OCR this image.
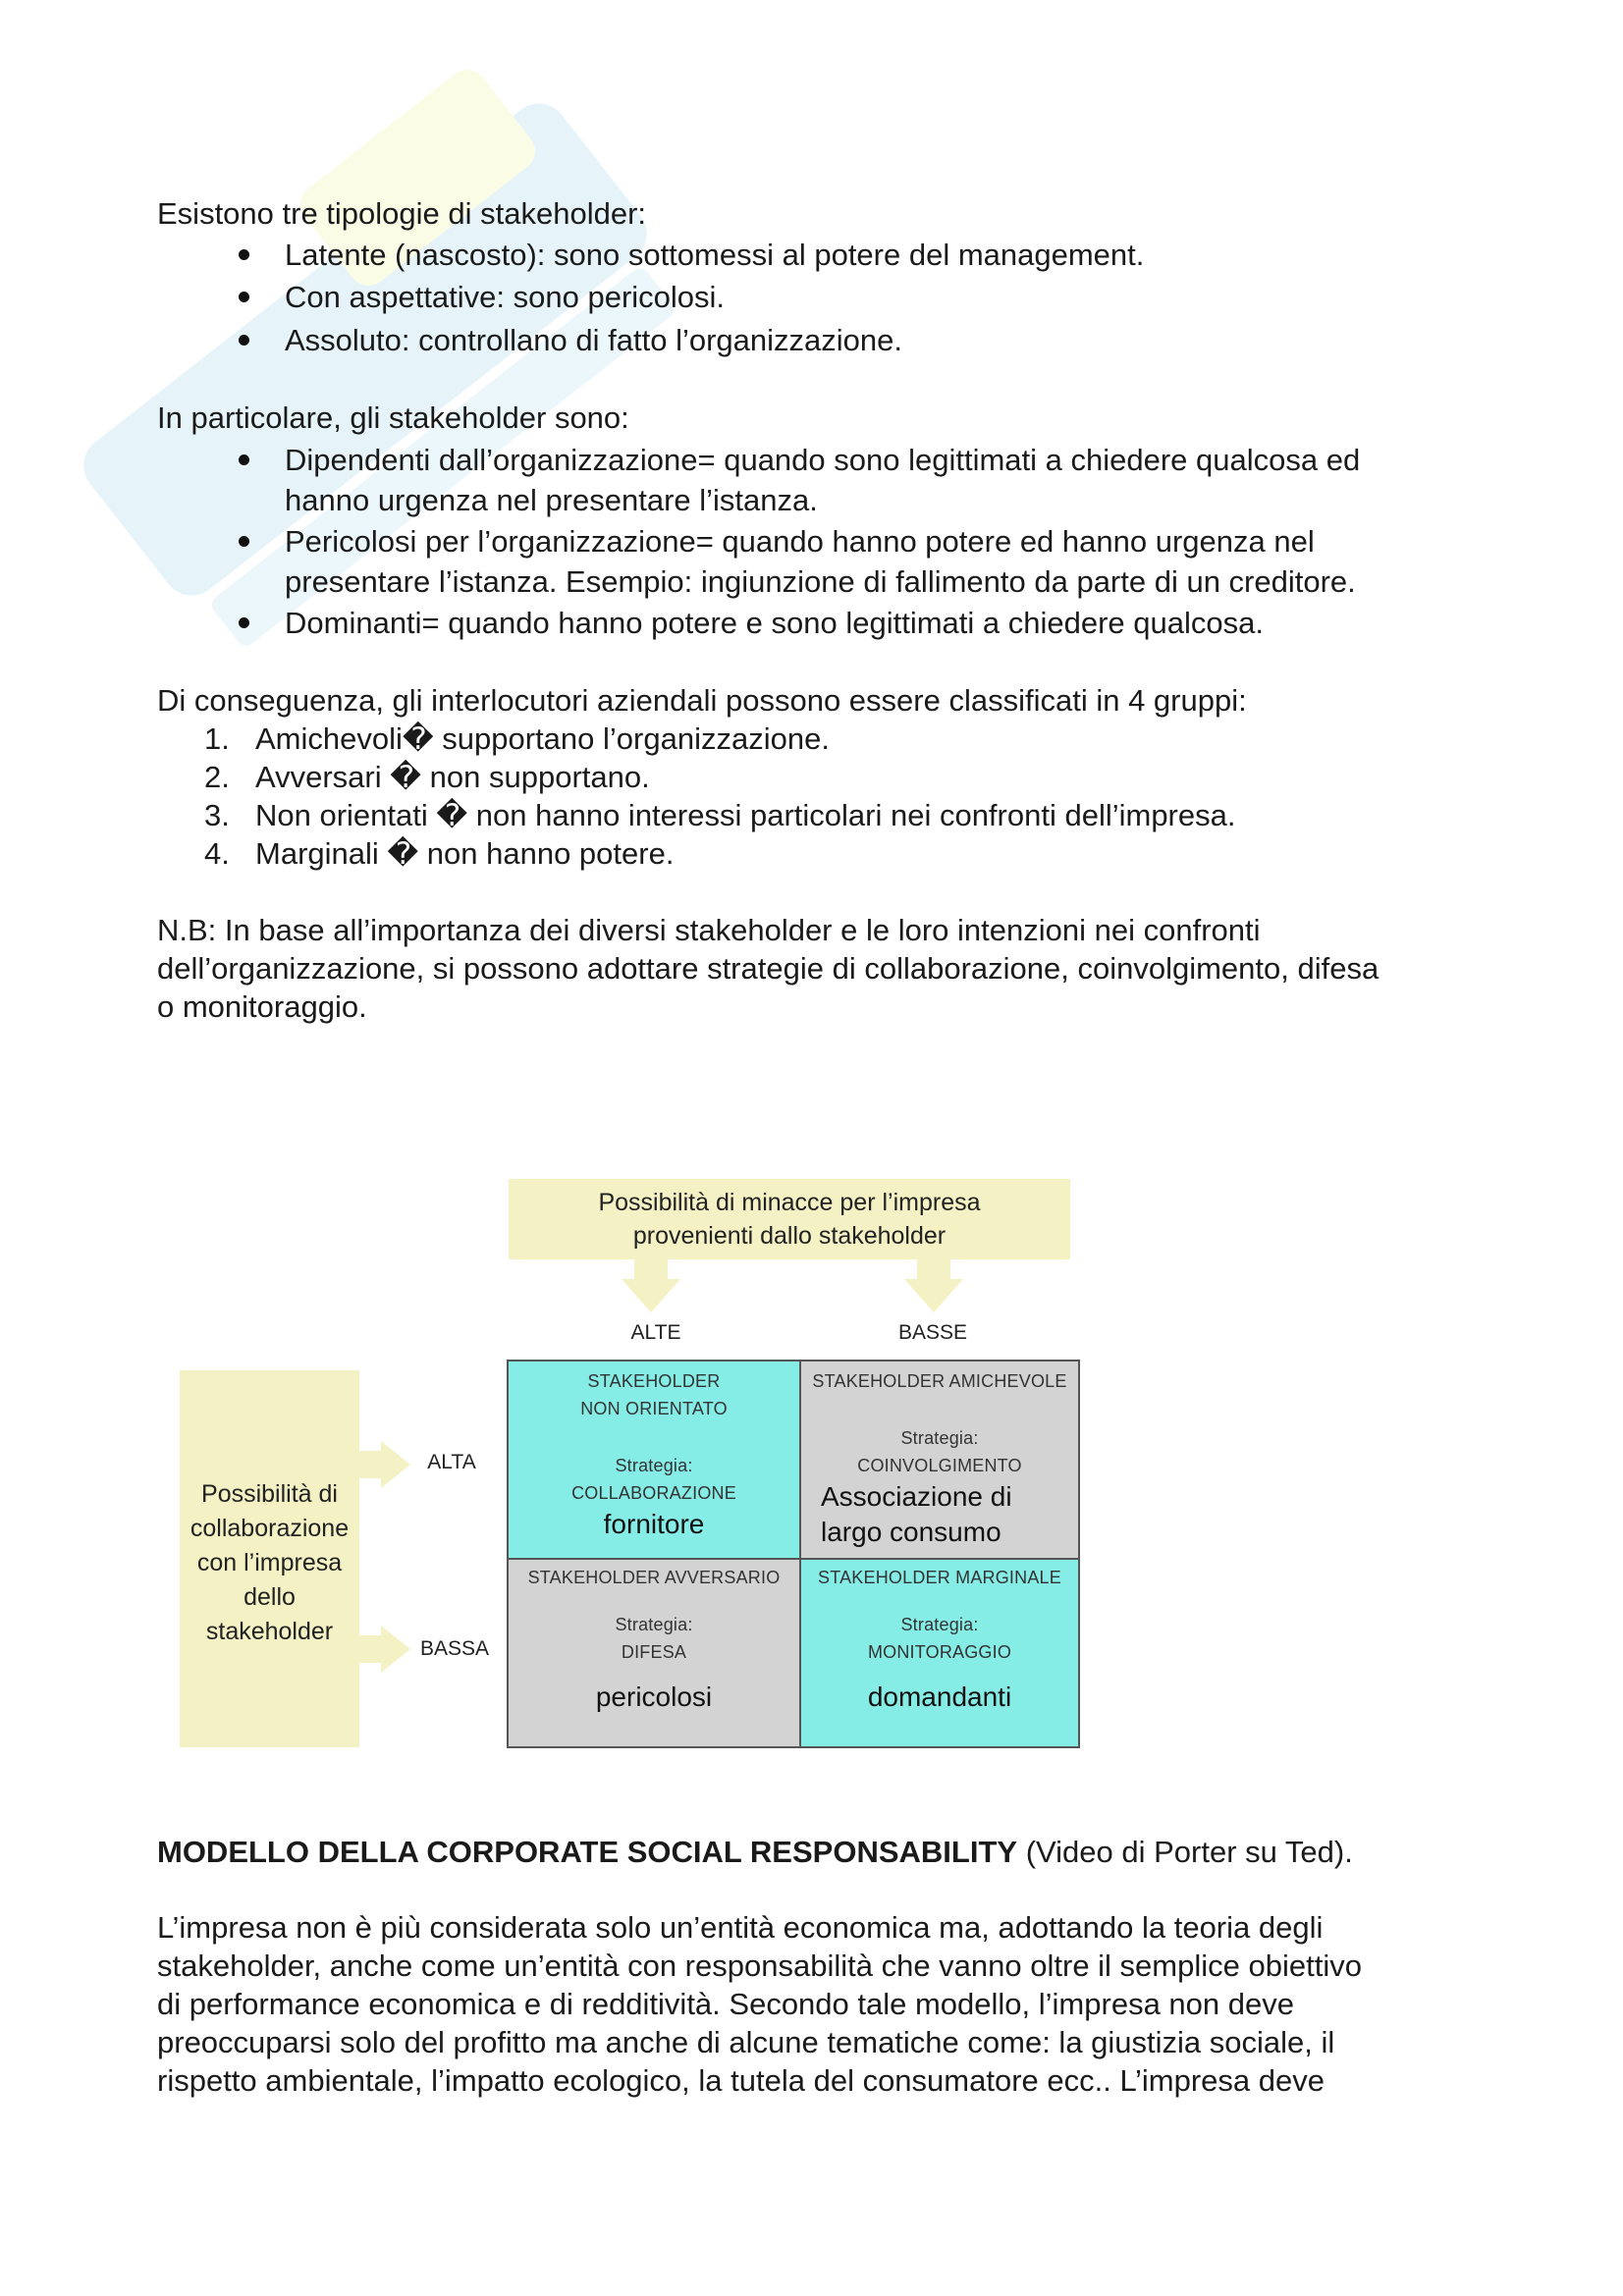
Esistono tre tipologie di stakeholder:
Latente (nascosto): sono sottomessi al potere del management.
Con aspettative: sono pericolosi.
Assoluto: controllano di fatto l’organizzazione.
In particolare, gli stakeholder sono:
Dipendenti dall’organizzazione= quando sono legittimati a chiedere qualcosa ed
hanno urgenza nel presentare l’istanza.
Pericolosi per l’organizzazione= quando hanno potere ed hanno urgenza nel
presentare l’istanza. Esempio: ingiunzione di fallimento da parte di un creditore.
Dominanti= quando hanno potere e sono legittimati a chiedere qualcosa.
Di conseguenza, gli interlocutori aziendali possono essere classificati in 4 gruppi:
1. Amichevoli� supportano l’organizzazione.
2. Avversari � non supportano.
3. Non orientati � non hanno interessi particolari nei confronti dell’impresa.
4. Marginali � non hanno potere.
N.B: In base all’importanza dei diversi stakeholder e le loro intenzioni nei confronti
dell’organizzazione, si possono adottare strategie di collaborazione, coinvolgimento, difesa
o monitoraggio.
Possibilità di minacce per l’impresa
provenienti dallo stakeholder
ALTE	BASSE
Possibilità di
collaborazione
con l’impresa
dello
stakeholder
ALTA
BASSA
STAKEHOLDER
NON ORIENTATO
Strategia:
COLLABORAZIONE
fornitore
STAKEHOLDER AMICHEVOLE
Strategia:
COINVOLGIMENTO
Associazione di
largo consumo
STAKEHOLDER AVVERSARIO
Strategia:
DIFESA
pericolosi
STAKEHOLDER MARGINALE
Strategia:
MONITORAGGIO
domandanti
MODELLO DELLA CORPORATE SOCIAL RESPONSABILITY (Video di Porter su Ted).
L’impresa non è più considerata solo un’entità economica ma, adottando la teoria degli
stakeholder, anche come un’entità con responsabilità che vanno oltre il semplice obiettivo
di performance economica e di redditività. Secondo tale modello, l’impresa non deve
preoccuparsi solo del profitto ma anche di alcune tematiche come: la giustizia sociale, il
rispetto ambientale, l’impatto ecologico, la tutela del consumatore ecc.. L’impresa deve
